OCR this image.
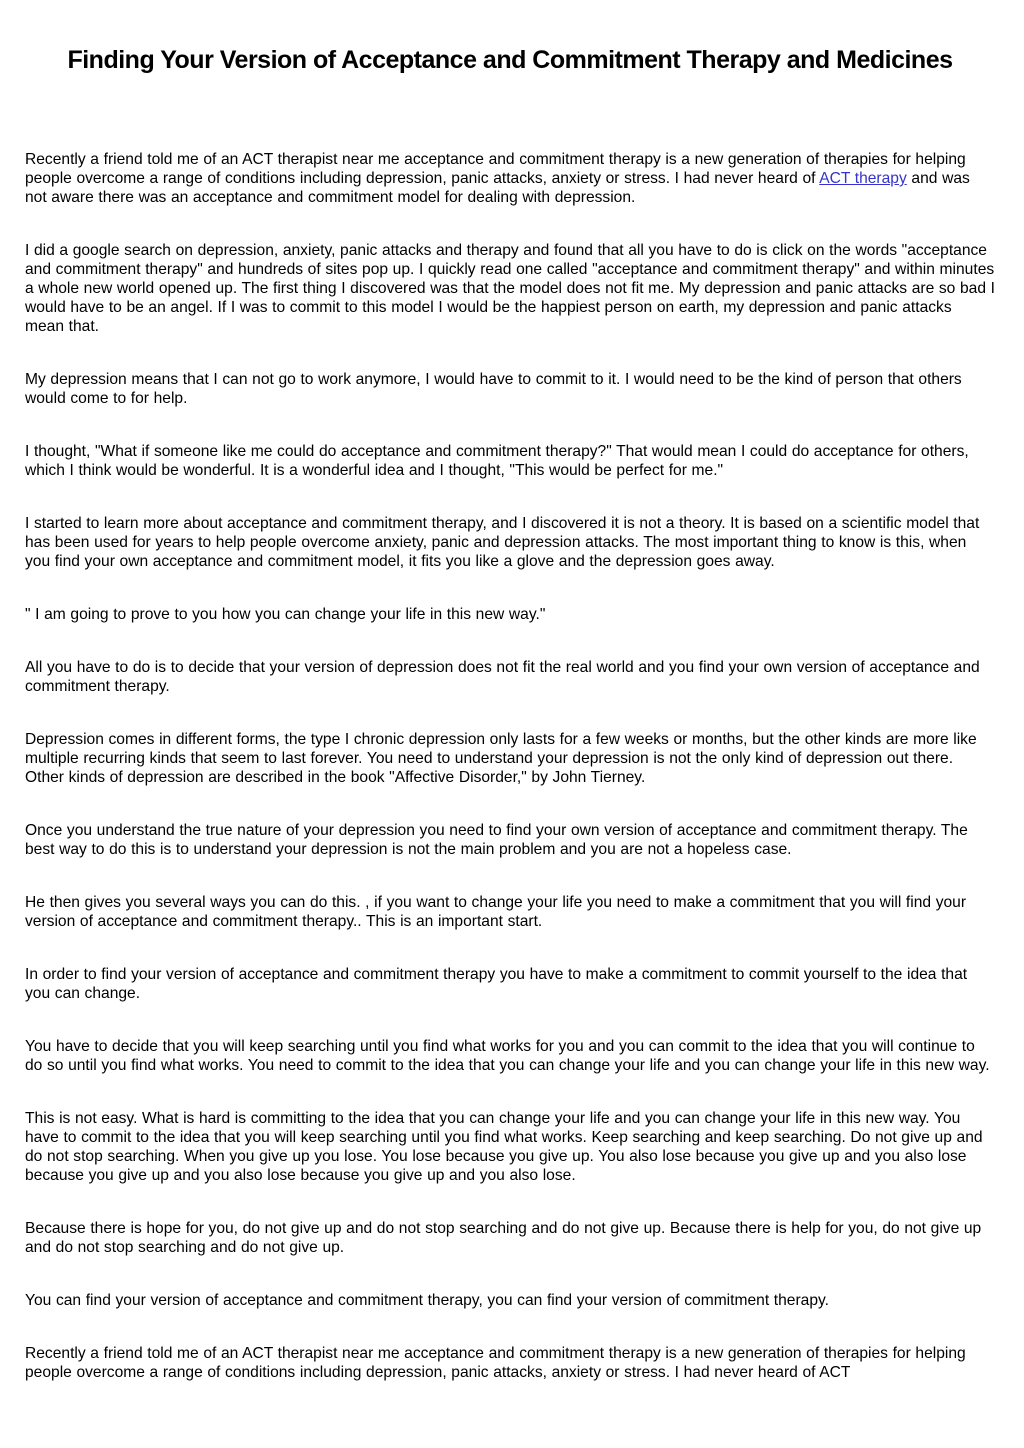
Finding Your Version of Acceptance and Commitment Therapy and Medicines

Recently a friend told me of an ACT therapist near me acceptance and commitment therapy is a new generation of therapies for helping people overcome a range of conditions including depression, panic attacks, anxiety or stress. I had never heard of ACT therapy and was not aware there was an acceptance and commitment model for dealing with depression.

I did a google search on depression, anxiety, panic attacks and therapy and found that all you have to do is click on the words "acceptance and commitment therapy" and hundreds of sites pop up. I quickly read one called "acceptance and commitment therapy" and within minutes a whole new world opened up. The first thing I discovered was that the model does not fit me. My depression and panic attacks are so bad I would have to be an angel. If I was to commit to this model I would be the happiest person on earth, my depression and panic attacks mean that.

My depression means that I can not go to work anymore, I would have to commit to it. I would need to be the kind of person that others would come to for help.

I thought, "What if someone like me could do acceptance and commitment therapy?" That would mean I could do acceptance for others, which I think would be wonderful. It is a wonderful idea and I thought, "This would be perfect for me."

I started to learn more about acceptance and commitment therapy, and I discovered it is not a theory. It is based on a scientific model that has been used for years to help people overcome anxiety, panic and depression attacks. The most important thing to know is this, when you find your own acceptance and commitment model, it fits you like a glove and the depression goes away.

" I am going to prove to you how you can change your life in this new way."

All you have to do is to decide that your version of depression does not fit the real world and you find your own version of acceptance and commitment therapy.

Depression comes in different forms, the type I chronic depression only lasts for a few weeks or months, but the other kinds are more like multiple recurring kinds that seem to last forever. You need to understand your depression is not the only kind of depression out there. Other kinds of depression are described in the book "Affective Disorder," by John Tierney.

Once you understand the true nature of your depression you need to find your own version of acceptance and commitment therapy. The best way to do this is to understand your depression is not the main problem and you are not a hopeless case.

He then gives you several ways you can do this. , if you want to change your life you need to make a commitment that you will find your version of acceptance and commitment therapy.. This is an important start.

In order to find your version of acceptance and commitment therapy you have to make a commitment to commit yourself to the idea that you can change.

You have to decide that you will keep searching until you find what works for you and you can commit to the idea that you will continue to do so until you find what works. You need to commit to the idea that you can change your life and you can change your life in this new way.

This is not easy. What is hard is committing to the idea that you can change your life and you can change your life in this new way. You have to commit to the idea that you will keep searching until you find what works. Keep searching and keep searching. Do not give up and do not stop searching. When you give up you lose. You lose because you give up. You also lose because you give up and you also lose because you give up and you also lose because you give up and you also lose.

Because there is hope for you, do not give up and do not stop searching and do not give up. Because there is help for you, do not give up and do not stop searching and do not give up.

You can find your version of acceptance and commitment therapy, you can find your version of commitment therapy.

Recently a friend told me of an ACT therapist near me acceptance and commitment therapy is a new generation of therapies for helping people overcome a range of conditions including depression, panic attacks, anxiety or stress. I had never heard of ACT
